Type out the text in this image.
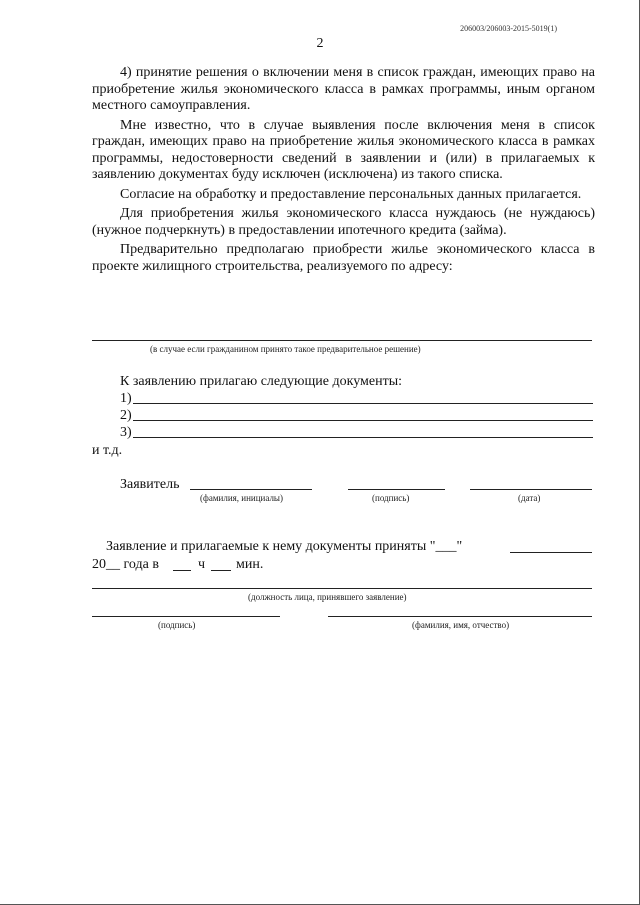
206003/206003-2015-5019(1)
2

4) принятие решения о включении меня в список граждан, имеющих право на приобретение жилья экономического класса в рамках программы, иным органом местного самоуправления.

Мне известно, что в случае выявления после включения меня в список граждан, имеющих право на приобретение жилья экономического класса в рамках программы, недостоверности сведений в заявлении и (или) в прилагаемых к заявлению документах буду исключен (исключена) из такого списка.

Согласие на обработку и предоставление персональных данных прилагается.

Для приобретения жилья экономического класса нуждаюсь (не нуждаюсь) (нужное подчеркнуть) в предоставлении ипотечного кредита (займа).

Предварительно предполагаю приобрести жилье экономического класса в проекте жилищного строительства, реализуемого по адресу:

(в случае если гражданином принято такое предварительное решение)
К заявлению прилагаю следующие документы:
1)
2)
3)
и т.д.
Заявитель
(фамилия, инициалы)	(подпись)	(дата)
Заявление и прилагаемые к нему документы приняты "___"
20__ года в	ч мин.
(должность лица, принявшего заявление)
(подпись)	(фамилия, имя, отчество)
